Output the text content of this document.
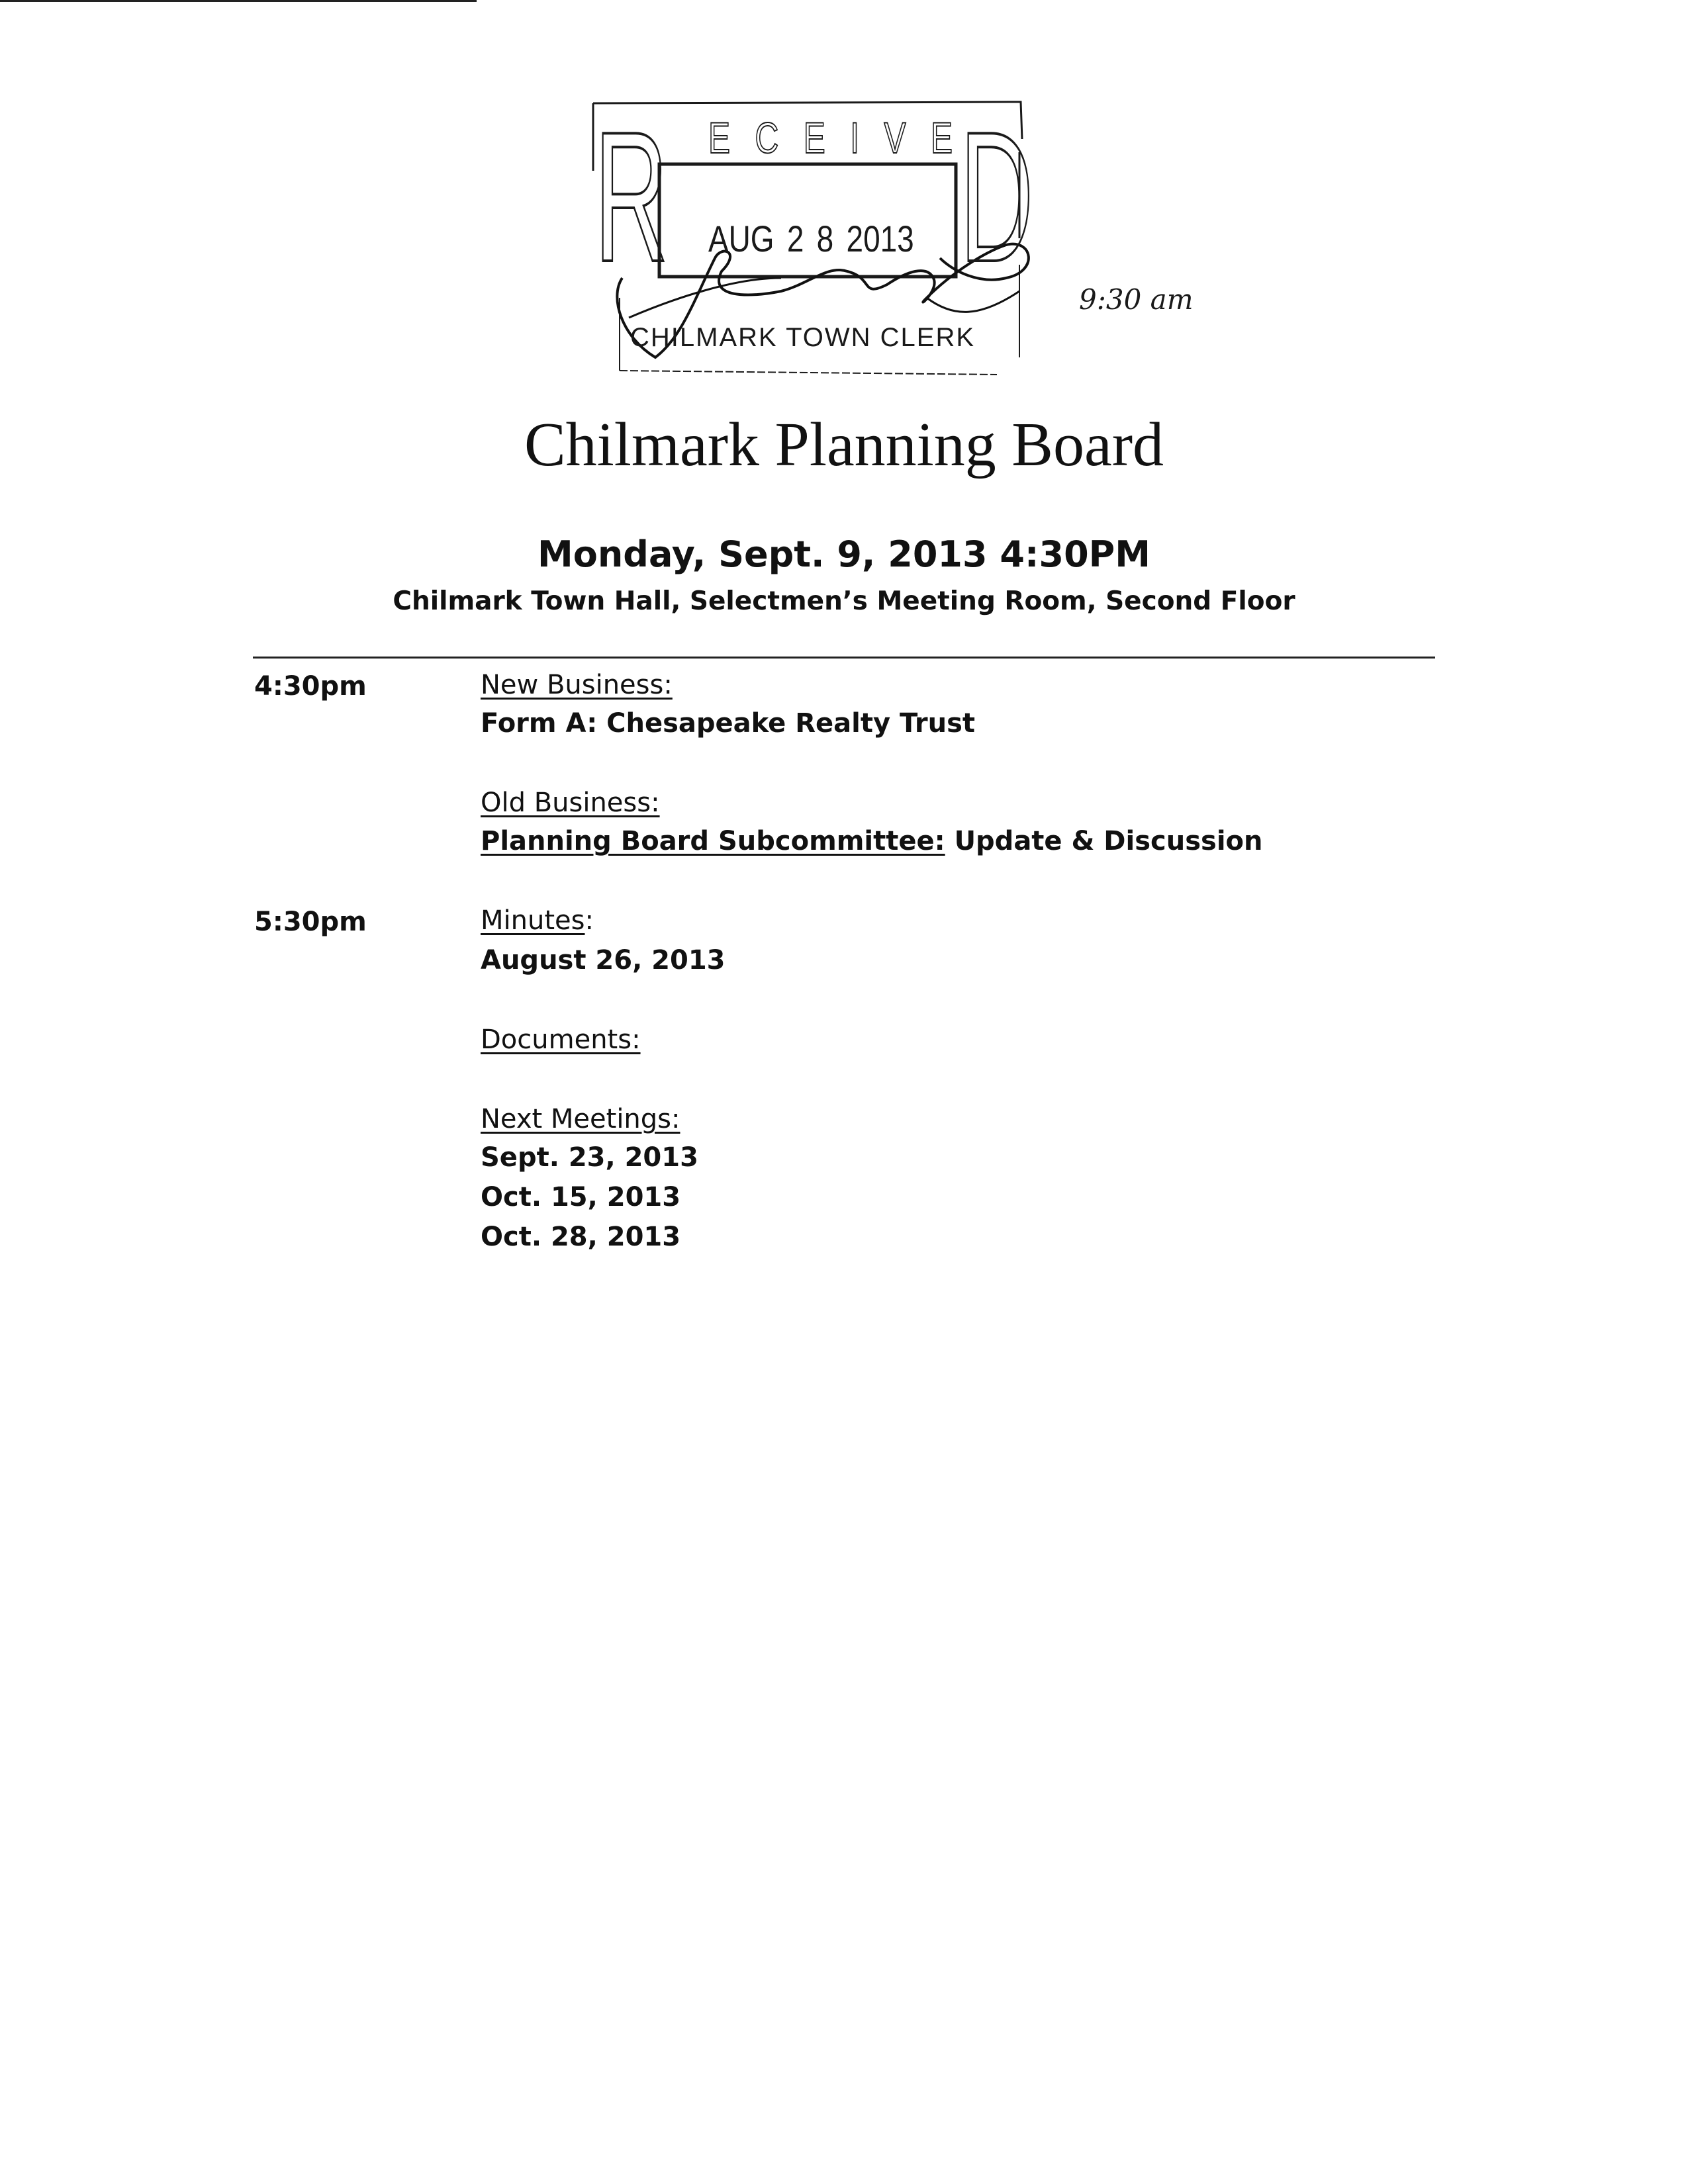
R ECEIVE
D
AUG 2 8 2013
CHILMARK TOWN CLERK
9:30 am
Chilmark Planning Board
Monday, Sept. 9, 2013 4:30PM
Chilmark Town Hall, Selectmen’s Meeting Room, Second Floor
4:30pm	New Business:
Form A: Chesapeake Realty Trust
Old Business:
Planning Board Subcommittee: Update & Discussion
5:30pm	Minutes:
August 26, 2013
Documents:
Next Meetings:
Sept. 23, 2013
Oct. 15, 2013
Oct. 28, 2013
